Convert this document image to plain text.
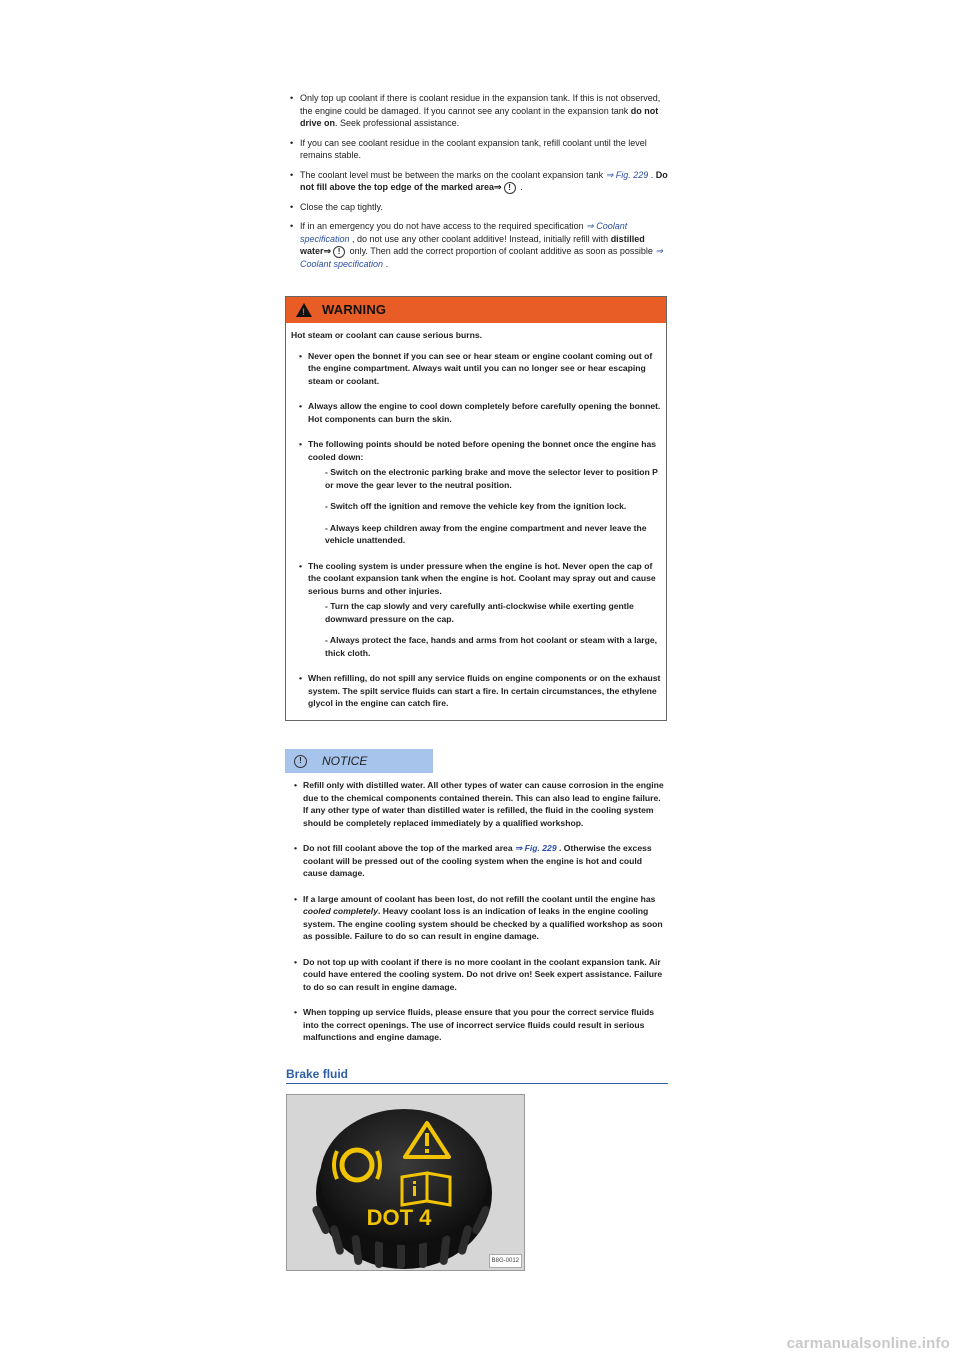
• Only top up coolant if there is coolant residue in the expansion tank. If this is not observed, the engine could be damaged. If you cannot see any coolant in the expansion tank do not drive on. Seek professional assistance.
• If you can see coolant residue in the coolant expansion tank, refill coolant until the level remains stable.
• The coolant level must be between the marks on the coolant expansion tank ⇒ Fig. 229 . Do not fill above the top edge of the marked area⇒ ! .
• Close the cap tightly.
• If in an emergency you do not have access to the required specification ⇒ Coolant specification , do not use any other coolant additive! Instead, initially refill with distilled water⇒ ! only. Then add the correct proportion of coolant additive as soon as possible ⇒ Coolant specification .
! WARNING
Hot steam or coolant can cause serious burns.
• Never open the bonnet if you can see or hear steam or engine coolant coming out of the engine compartment. Always wait until you can no longer see or hear escaping steam or coolant.
• Always allow the engine to cool down completely before carefully opening the bonnet. Hot components can burn the skin.
• The following points should be noted before opening the bonnet once the engine has cooled down:

- Switch on the electronic parking brake and move the selector lever to position P or move the gear lever to the neutral position.

- Switch off the ignition and remove the vehicle key from the ignition lock.

- Always keep children away from the engine compartment and never leave the vehicle unattended.

• The cooling system is under pressure when the engine is hot. Never open the cap of the coolant expansion tank when the engine is hot. Coolant may spray out and cause serious burns and other injuries.

- Turn the cap slowly and very carefully anti-clockwise while exerting gentle downward pressure on the cap.

- Always protect the face, hands and arms from hot coolant or steam with a large, thick cloth.

• When refilling, do not spill any service fluids on engine components or on the exhaust system. The spilt service fluids can start a fire. In certain circumstances, the ethylene glycol in the engine can catch fire.
!	NOTICE
• Refill only with distilled water. All other types of water can cause corrosion in the engine due to the chemical components contained therein. This can also lead to engine failure. If any other type of water than distilled water is refilled, the fluid in the cooling system should be completely replaced immediately by a qualified workshop.
• Do not fill coolant above the top of the marked area ⇒ Fig. 229 . Otherwise the excess coolant will be pressed out of the cooling system when the engine is hot and could cause damage.
• If a large amount of coolant has been lost, do not refill the coolant until the engine has cooled completely. Heavy coolant loss is an indication of leaks in the engine cooling system. The engine cooling system should be checked by a qualified workshop as soon as possible. Failure to do so can result in engine damage.
• Do not top up with coolant if there is no more coolant in the coolant expansion tank. Air could have entered the cooling system. Do not drive on! Seek expert assistance. Failure to do so can result in engine damage.
• When topping up service fluids, please ensure that you pour the correct service fluids into the correct openings. The use of incorrect service fluids could result in serious malfunctions and engine damage.
Brake fluid
DOT 4
B8G-0012
carmanualsonline.info
